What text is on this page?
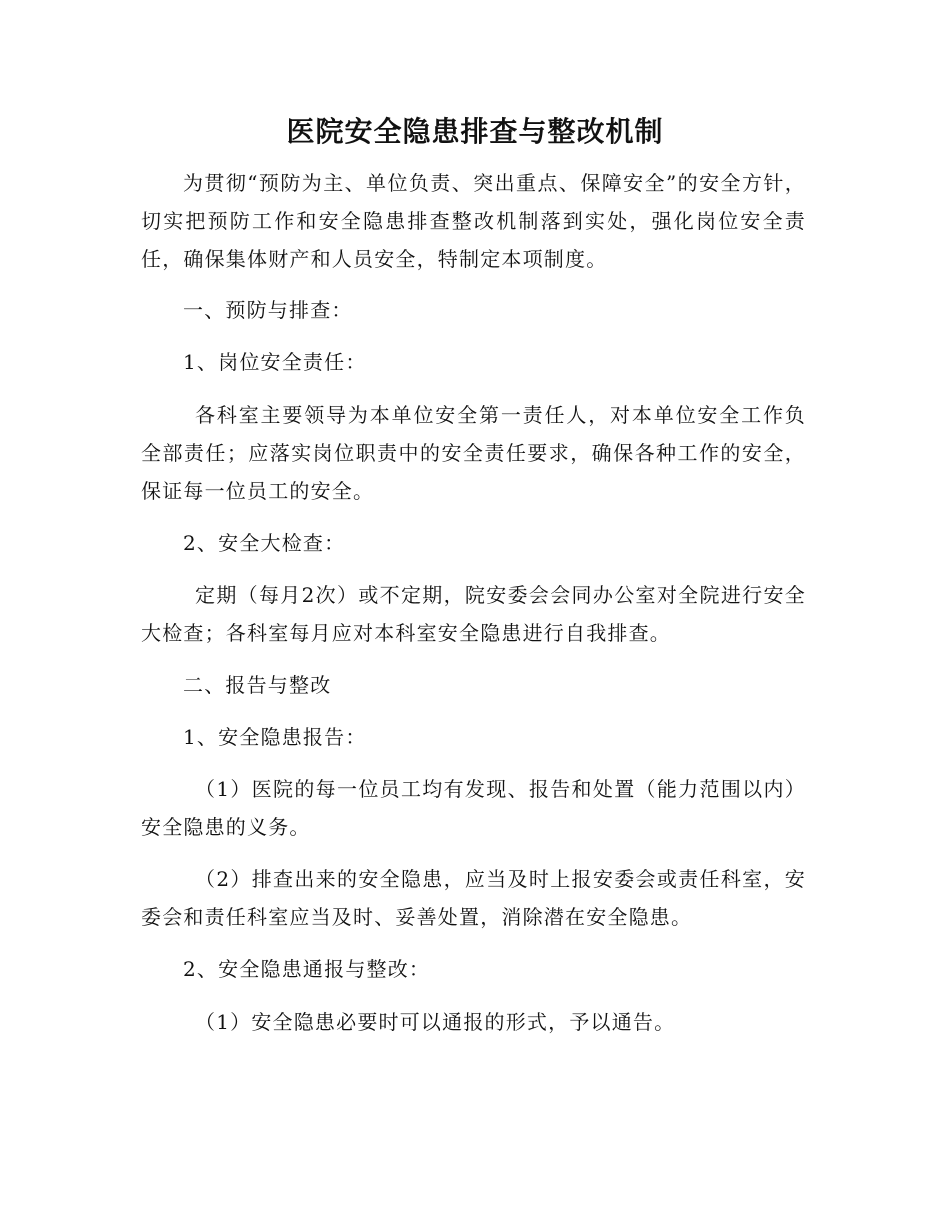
医院安全隐患排查与整改机制
为贯彻“预防为主、单位负责、突出重点、保障安全”的安全方针，切实把预防工作和安全隐患排查整改机制落到实处，强化岗位安全责任，确保集体财产和人员安全，特制定本项制度。
一、预防与排查：
1、岗位安全责任：
各科室主要领导为本单位安全第一责任人，对本单位安全工作负全部责任；应落实岗位职责中的安全责任要求，确保各种工作的安全，保证每一位员工的安全。
2、安全大检查：
定期（每月2次）或不定期，院安委会会同办公室对全院进行安全大检查；各科室每月应对本科室安全隐患进行自我排查。
二、报告与整改
1、安全隐患报告：
（1）医院的每一位员工均有发现、报告和处置（能力范围以内）安全隐患的义务。
（2）排查出来的安全隐患，应当及时上报安委会或责任科室，安委会和责任科室应当及时、妥善处置，消除潜在安全隐患。
2、安全隐患通报与整改：
（1）安全隐患必要时可以通报的形式，予以通告。
